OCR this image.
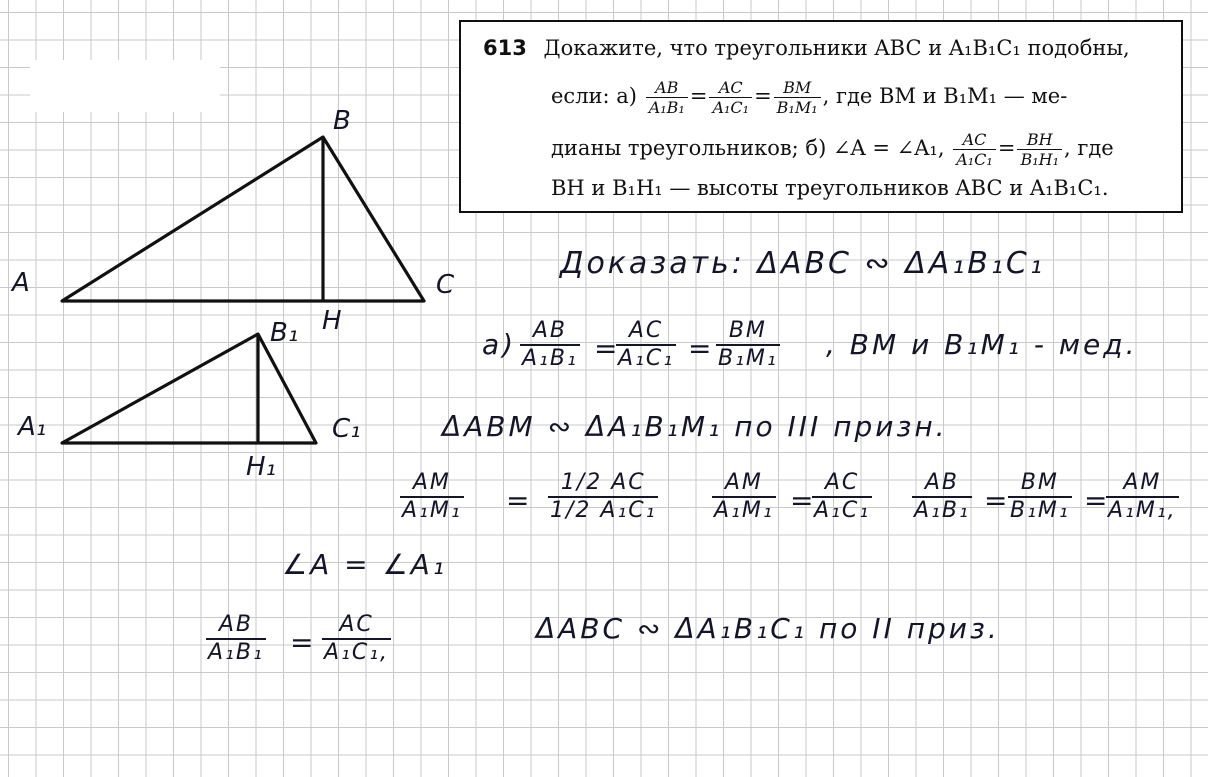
A
B
C
H
A₁
B₁
C₁
H₁
613 Докажите, что треугольники ABC и A₁B₁C₁ подобны,
если: $а) \frac{AB}{\text{A₁B₁}} = \frac{AC}{\text{A₁C₁}} = \frac{BM}{\text{B₁M₁}}$ , где BM и B₁M₁ — ме-
дианы треугольников; б) ∠A = ∠A₁, $\frac{AC}{\text{A₁C₁}} = \frac{BH}{\text{B₁H₁}}$ , где
BH и B₁H₁ — высоты треугольников ABC и A₁B₁C₁.
Доказать: ΔABC ∾ ΔA₁B₁C₁
а) AB
A₁B₁ =
AC
A₁C₁ =
BM
B₁M₁ , BM и B₁M₁ - мед.
ΔABM ∾ ΔA₁B₁M₁ по III призн.
AM
A₁M₁ =
1/2 AC
1/2 A₁C₁
AM
A₁M₁ =
AC
A₁C₁
AB
A₁B₁ =
BM
B₁M₁ =
AM
A₁M₁,
∠A = ∠A₁
AB
A₁B₁ =
AC
A₁C₁,
ΔABC ∾ ΔA₁B₁C₁ по II приз.
